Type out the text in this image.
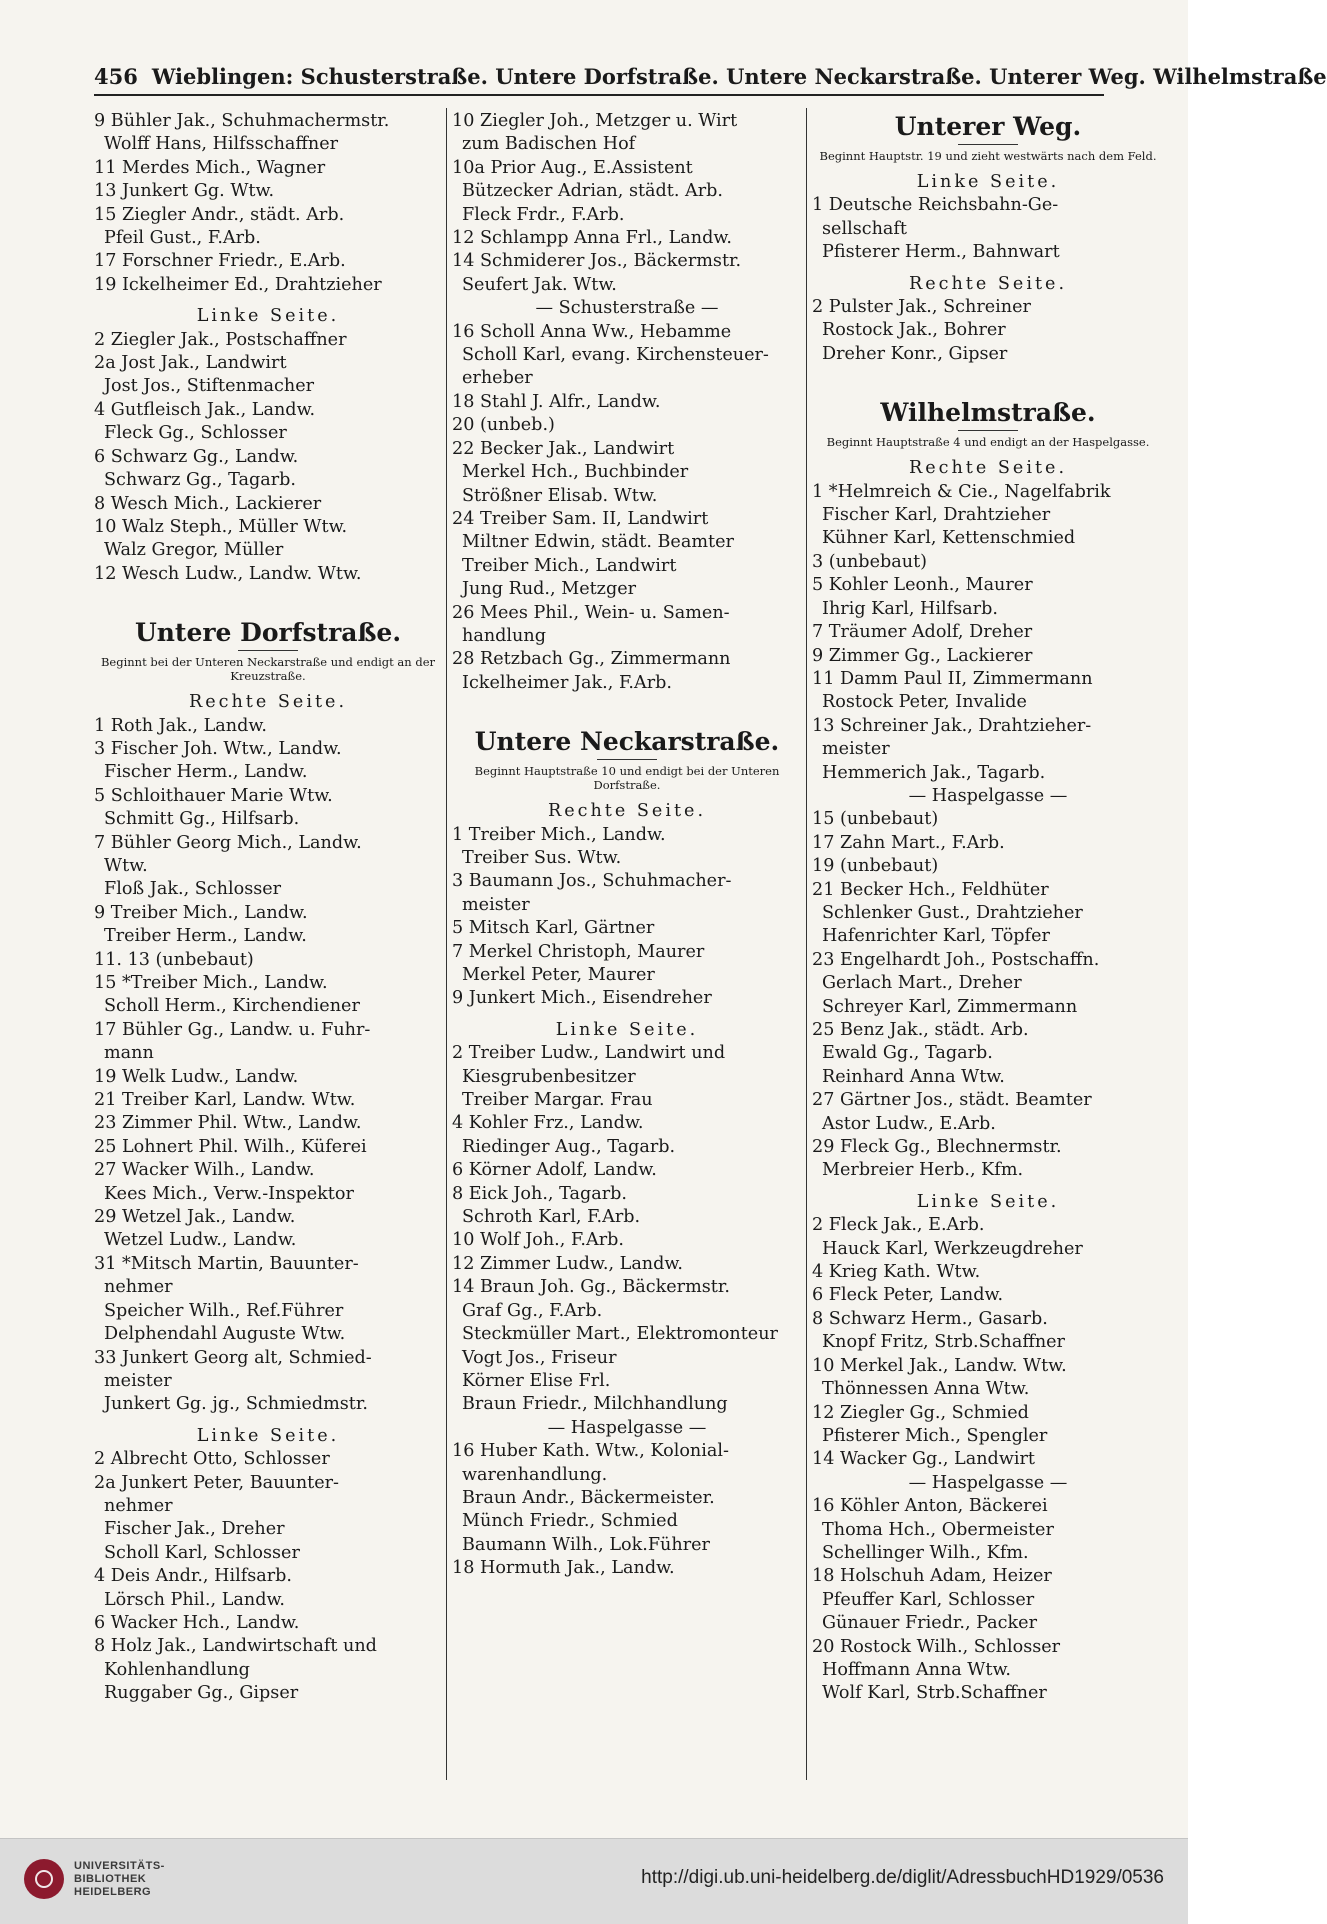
456 Wieblingen: Schusterstraße. Untere Dorfstraße. Untere Neckarstraße. Unterer Weg. Wilhelmstraße
9 Bühler Jak., Schuhmachermstr.
Wolff Hans, Hilfsschaffner
11 Merdes Mich., Wagner
13 Junkert Gg. Wtw.
15 Ziegler Andr., städt. Arb.
Pfeil Gust., F.Arb.
17 Forschner Friedr., E.Arb.
19 Ickelheimer Ed., Drahtzieher
Linke Seite.
2 Ziegler Jak., Postschaffner
2a Jost Jak., Landwirt
Jost Jos., Stiftenmacher
4 Gutfleisch Jak., Landw.
Fleck Gg., Schlosser
6 Schwarz Gg., Landw.
Schwarz Gg., Tagarb.
8 Wesch Mich., Lackierer
10 Walz Steph., Müller Wtw.
Walz Gregor, Müller
12 Wesch Ludw., Landw. Wtw.
Untere Dorfstraße.
Beginnt bei der Unteren Neckarstraße und endigt an der Kreuzstraße.
Rechte Seite.
1 Roth Jak., Landw.
3 Fischer Joh. Wtw., Landw.
Fischer Herm., Landw.
5 Schloithauer Marie Wtw.
Schmitt Gg., Hilfsarb.
7 Bühler Georg Mich., Landw.
Wtw.
Floß Jak., Schlosser
9 Treiber Mich., Landw.
Treiber Herm., Landw.
11. 13 (unbebaut)
15 *Treiber Mich., Landw.
Scholl Herm., Kirchendiener
17 Bühler Gg., Landw. u. Fuhr-
mann
19 Welk Ludw., Landw.
21 Treiber Karl, Landw. Wtw.
23 Zimmer Phil. Wtw., Landw.
25 Lohnert Phil. Wilh., Küferei
27 Wacker Wilh., Landw.
Kees Mich., Verw.-Inspektor
29 Wetzel Jak., Landw.
Wetzel Ludw., Landw.
31 *Mitsch Martin, Bauunter-
nehmer
Speicher Wilh., Ref.Führer
Delphendahl Auguste Wtw.
33 Junkert Georg alt, Schmied-
meister
Junkert Gg. jg., Schmiedmstr.
Linke Seite.
2 Albrecht Otto, Schlosser
2a Junkert Peter, Bauunter-
nehmer
Fischer Jak., Dreher
Scholl Karl, Schlosser
4 Deis Andr., Hilfsarb.
Lörsch Phil., Landw.
6 Wacker Hch., Landw.
8 Holz Jak., Landwirtschaft und
Kohlenhandlung
Ruggaber Gg., Gipser
10 Ziegler Joh., Metzger u. Wirt
zum Badischen Hof
10a Prior Aug., E.Assistent
Bützecker Adrian, städt. Arb.
Fleck Frdr., F.Arb.
12 Schlampp Anna Frl., Landw.
14 Schmiderer Jos., Bäckermstr.
Seufert Jak. Wtw.
— Schusterstraße —
16 Scholl Anna Ww., Hebamme
Scholl Karl, evang. Kirchensteuer-
erheber
18 Stahl J. Alfr., Landw.
20 (unbeb.)
22 Becker Jak., Landwirt
Merkel Hch., Buchbinder
Strößner Elisab. Wtw.
24 Treiber Sam. II, Landwirt
Miltner Edwin, städt. Beamter
Treiber Mich., Landwirt
Jung Rud., Metzger
26 Mees Phil., Wein- u. Samen-
handlung
28 Retzbach Gg., Zimmermann
Ickelheimer Jak., F.Arb.
Untere Neckarstraße.
Beginnt Hauptstraße 10 und endigt bei der Unteren Dorfstraße.
Rechte Seite.
1 Treiber Mich., Landw.
Treiber Sus. Wtw.
3 Baumann Jos., Schuhmacher-
meister
5 Mitsch Karl, Gärtner
7 Merkel Christoph, Maurer
Merkel Peter, Maurer
9 Junkert Mich., Eisendreher
Linke Seite.
2 Treiber Ludw., Landwirt und
Kiesgrubenbesitzer
Treiber Margar. Frau
4 Kohler Frz., Landw.
Riedinger Aug., Tagarb.
6 Körner Adolf, Landw.
8 Eick Joh., Tagarb.
Schroth Karl, F.Arb.
10 Wolf Joh., F.Arb.
12 Zimmer Ludw., Landw.
14 Braun Joh. Gg., Bäckermstr.
Graf Gg., F.Arb.
Steckmüller Mart., Elektromonteur
Vogt Jos., Friseur
Körner Elise Frl.
Braun Friedr., Milchhandlung
— Haspelgasse —
16 Huber Kath. Wtw., Kolonial-
warenhandlung.
Braun Andr., Bäckermeister.
Münch Friedr., Schmied
Baumann Wilh., Lok.Führer
18 Hormuth Jak., Landw.
Unterer Weg.
Beginnt Hauptstr. 19 und zieht westwärts nach dem Feld.
Linke Seite.
1 Deutsche Reichsbahn-Ge-
sellschaft
Pfisterer Herm., Bahnwart
Rechte Seite.
2 Pulster Jak., Schreiner
Rostock Jak., Bohrer
Dreher Konr., Gipser
Wilhelmstraße.
Beginnt Hauptstraße 4 und endigt an der Haspelgasse.
Rechte Seite.
1 *Helmreich & Cie., Nagelfabrik
Fischer Karl, Drahtzieher
Kühner Karl, Kettenschmied
3 (unbebaut)
5 Kohler Leonh., Maurer
Ihrig Karl, Hilfsarb.
7 Träumer Adolf, Dreher
9 Zimmer Gg., Lackierer
11 Damm Paul II, Zimmermann
Rostock Peter, Invalide
13 Schreiner Jak., Drahtzieher-
meister
Hemmerich Jak., Tagarb.
— Haspelgasse —
15 (unbebaut)
17 Zahn Mart., F.Arb.
19 (unbebaut)
21 Becker Hch., Feldhüter
Schlenker Gust., Drahtzieher
Hafenrichter Karl, Töpfer
23 Engelhardt Joh., Postschaffn.
Gerlach Mart., Dreher
Schreyer Karl, Zimmermann
25 Benz Jak., städt. Arb.
Ewald Gg., Tagarb.
Reinhard Anna Wtw.
27 Gärtner Jos., städt. Beamter
Astor Ludw., E.Arb.
29 Fleck Gg., Blechnermstr.
Merbreier Herb., Kfm.
Linke Seite.
2 Fleck Jak., E.Arb.
Hauck Karl, Werkzeugdreher
4 Krieg Kath. Wtw.
6 Fleck Peter, Landw.
8 Schwarz Herm., Gasarb.
Knopf Fritz, Strb.Schaffner
10 Merkel Jak., Landw. Wtw.
Thönnessen Anna Wtw.
12 Ziegler Gg., Schmied
Pfisterer Mich., Spengler
14 Wacker Gg., Landwirt
— Haspelgasse —
16 Köhler Anton, Bäckerei
Thoma Hch., Obermeister
Schellinger Wilh., Kfm.
18 Holschuh Adam, Heizer
Pfeuffer Karl, Schlosser
Günauer Friedr., Packer
20 Rostock Wilh., Schlosser
Hoffmann Anna Wtw.
Wolf Karl, Strb.Schaffner
UNIVERSITÄTS-
BIBLIOTHEK
HEIDELBERG
http://digi.ub.uni-heidelberg.de/diglit/AdressbuchHD1929/0536
